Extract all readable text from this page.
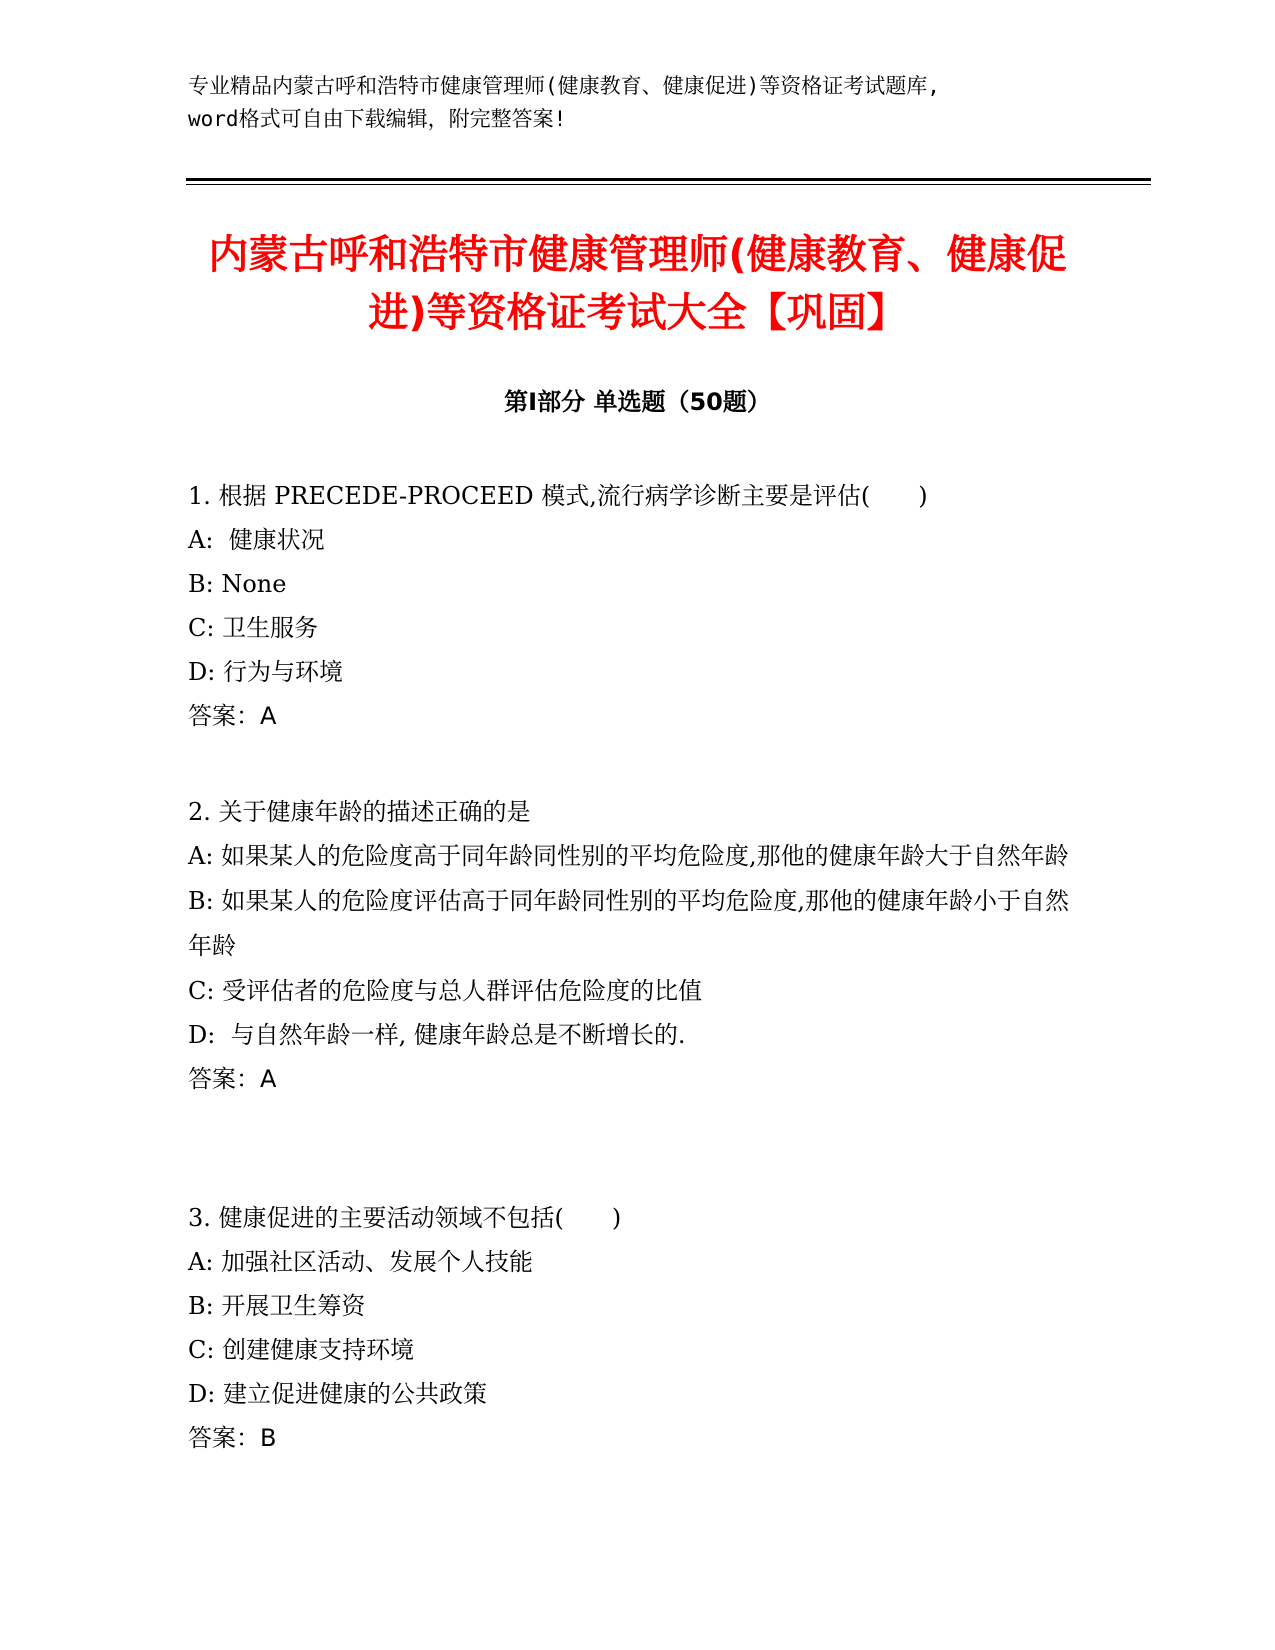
专业精品内蒙古呼和浩特市健康管理师(健康教育、健康促进)等资格证考试题库,
word格式可自由下载编辑，附完整答案!
内蒙古呼和浩特市健康管理师(健康教育、健康促进)等资格证考试大全【巩固】
第Ⅰ部分 单选题（50题）

1. 根据 PRECEDE-PROCEED 模式,流行病学诊断主要是评估(　　)

A:  健康状况

B: None

C: 卫生服务

D: 行为与环境

答案：A

2. 关于健康年龄的描述正确的是

A: 如果某人的危险度高于同年龄同性别的平均危险度,那他的健康年龄大于自然年龄

B: 如果某人的危险度评估高于同年龄同性别的平均危险度,那他的健康年龄小于自然年龄

C: 受评估者的危险度与总人群评估危险度的比值

D:  与自然年龄一样, 健康年龄总是不断增长的.

答案：A

3. 健康促进的主要活动领域不包括(　　)

A: 加强社区活动、发展个人技能

B: 开展卫生筹资

C: 创建健康支持环境

D: 建立促进健康的公共政策

答案：B
